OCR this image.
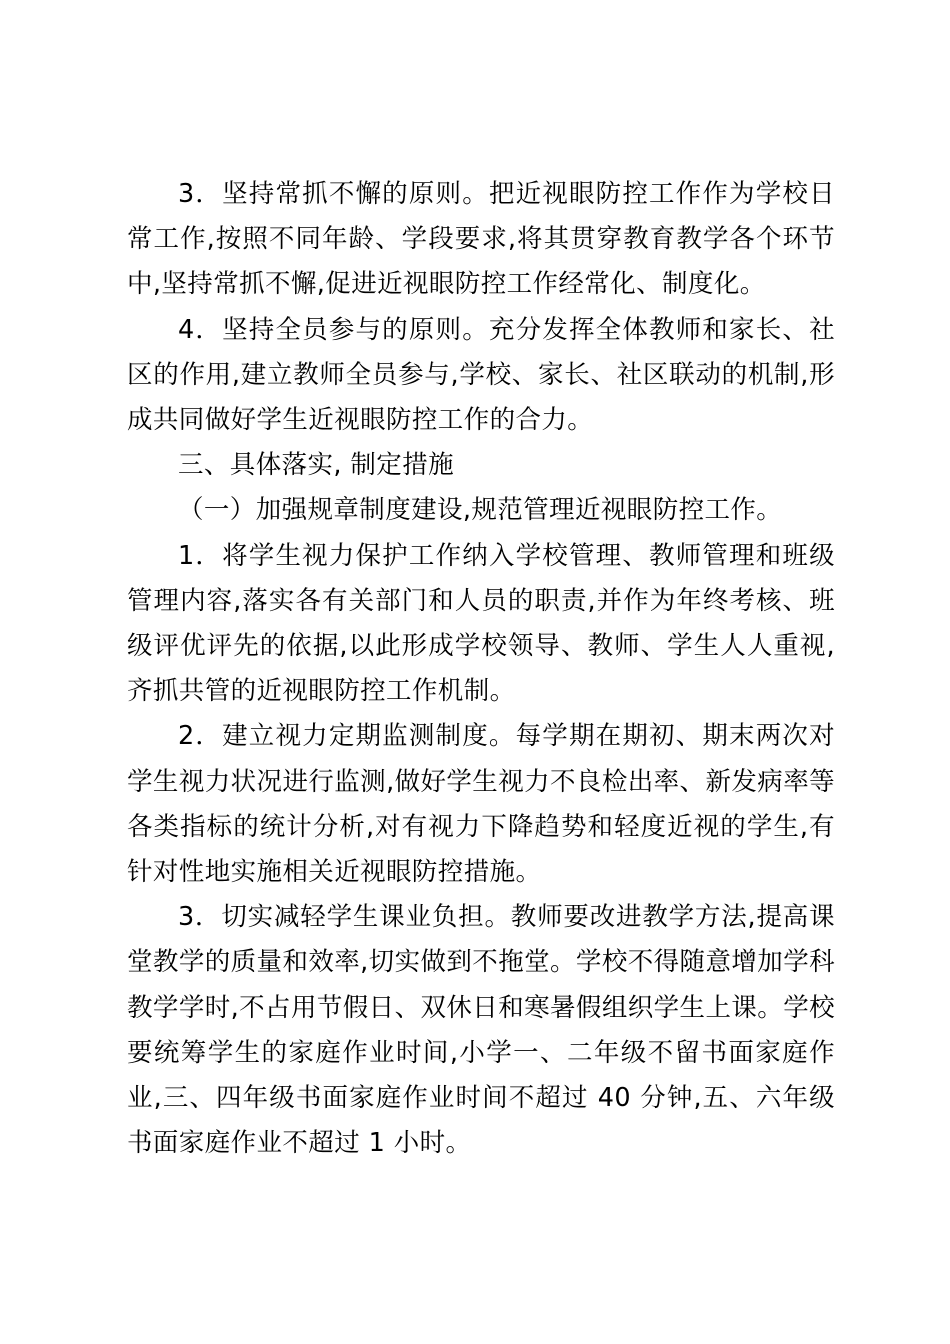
3．坚持常抓不懈的原则。把近视眼防控工作作为学校日常工作,按照不同年龄、学段要求,将其贯穿教育教学各个环节中,坚持常抓不懈,促进近视眼防控工作经常化、制度化。

4．坚持全员参与的原则。充分发挥全体教师和家长、社区的作用,建立教师全员参与,学校、家长、社区联动的机制,形成共同做好学生近视眼防控工作的合力。

三、具体落实, 制定措施

（一）加强规章制度建设,规范管理近视眼防控工作。

1．将学生视力保护工作纳入学校管理、教师管理和班级管理内容,落实各有关部门和人员的职责,并作为年终考核、班级评优评先的依据,以此形成学校领导、教师、学生人人重视,齐抓共管的近视眼防控工作机制。

2．建立视力定期监测制度。每学期在期初、期末两次对学生视力状况进行监测,做好学生视力不良检出率、新发病率等各类指标的统计分析,对有视力下降趋势和轻度近视的学生,有针对性地实施相关近视眼防控措施。

3．切实减轻学生课业负担。教师要改进教学方法,提高课堂教学的质量和效率,切实做到不拖堂。学校不得随意增加学科教学学时,不占用节假日、双休日和寒暑假组织学生上课。学校要统筹学生的家庭作业时间,小学一、二年级不留书面家庭作业,三、四年级书面家庭作业时间不超过 40 分钟,五、六年级书面家庭作业不超过 1 小时。
